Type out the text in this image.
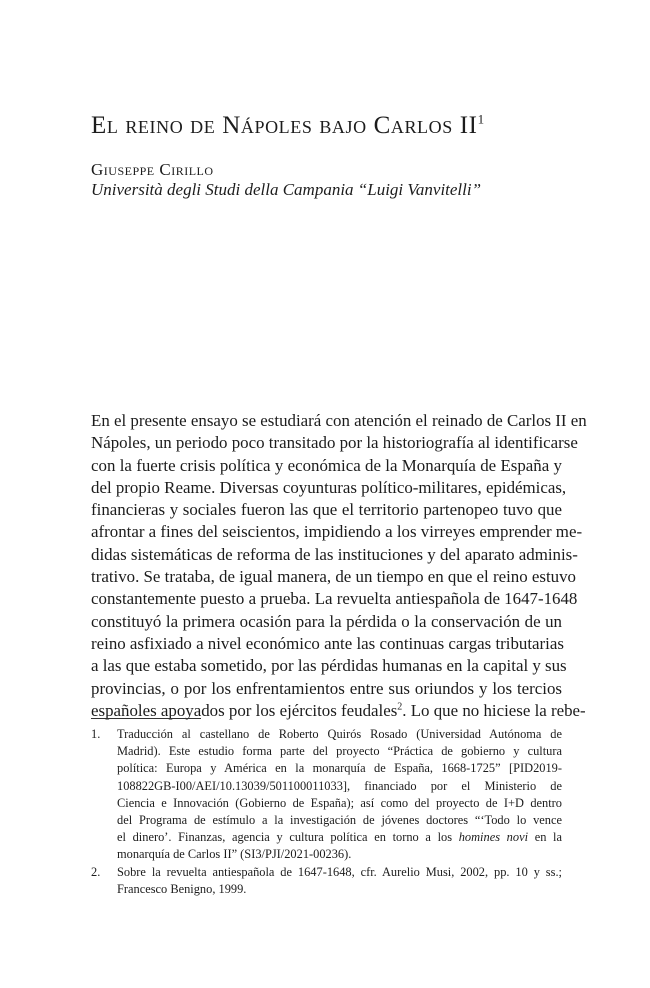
El reino de Nápoles bajo Carlos $II^1$
Giuseppe Cirillo
Università degli Studi della Campania “Luigi Vanvitelli”
En el presente ensayo se estudiará con atención el reinado de Carlos II en
Nápoles, un periodo poco transitado por la historiografía al identificarse
con la fuerte crisis política y económica de la Monarquía de España y
del propio Reame. Diversas coyunturas político-militares, epidémicas,
financieras y sociales fueron las que el territorio partenopeo tuvo que
afrontar a fines del seiscientos, impidiendo a los virreyes emprender me-
didas sistemáticas de reforma de las instituciones y del aparato adminis-
trativo. Se trataba, de igual manera, de un tiempo en que el reino estuvo
constantemente puesto a prueba. La revuelta antiespañola de 1647-1648
constituyó la primera ocasión para la pérdida o la conservación de un
reino asfixiado a nivel económico ante las continuas cargas tributarias
a las que estaba sometido, por las pérdidas humanas en la capital y sus
provincias, o por los enfrentamientos entre sus oriundos y los tercios
españoles apoyados por los ejércitos feudales$^2$. Lo que no hiciese la rebe-
1. Traducción al castellano de Roberto Quirós Rosado (Universidad Autónoma de
Madrid). Este estudio forma parte del proyecto “Práctica de gobierno y cultura
política: Europa y América en la monarquía de España, 1668-1725” [PID2019-
108822GB-I00/AEI/10.13039/501100011033], financiado por el Ministerio de
Ciencia e Innovación (Gobierno de España); así como del proyecto de I+D dentro
del Programa de estímulo a la investigación de jóvenes doctores “‘Todo lo vence
el dinero’. Finanzas, agencia y cultura política en torno a los homines novi en la
monarquía de Carlos II” (SI3/PJI/2021-00236).
2. Sobre la revuelta antiespañola de 1647-1648, cfr. Aurelio Musi, 2002, pp. 10 y ss.;
Francesco Benigno, 1999.
